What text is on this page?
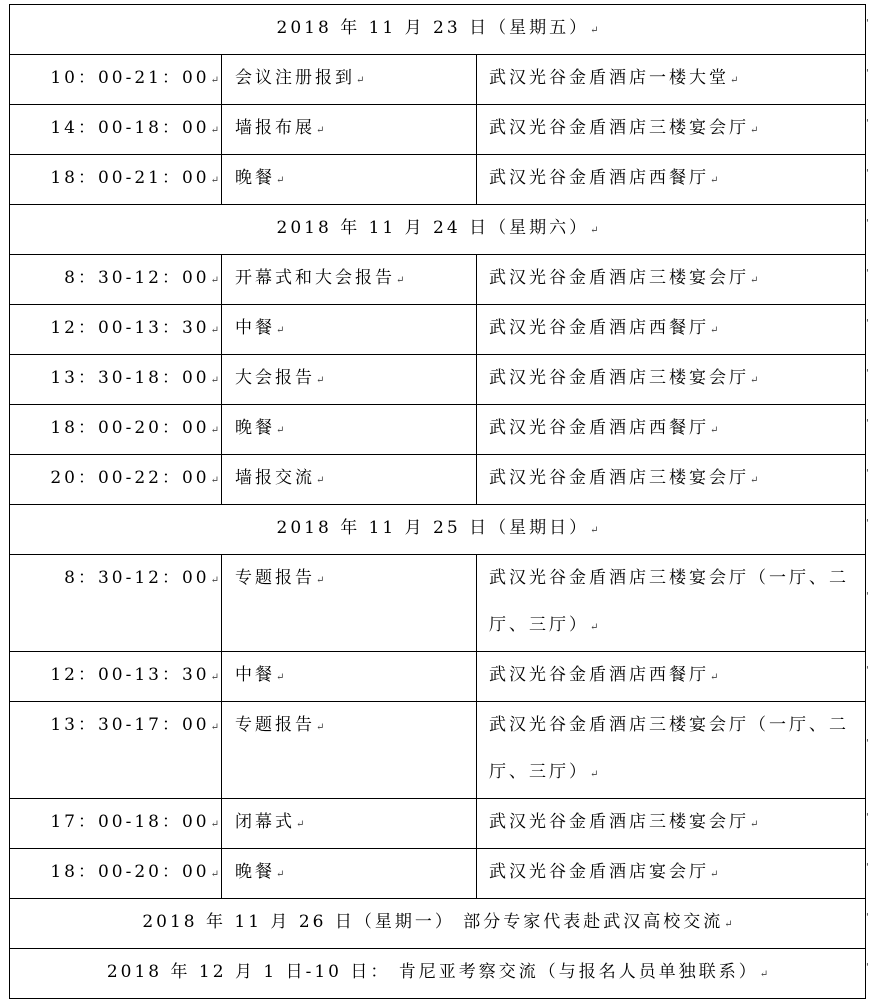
2018 年 11 月 23 日（星期五）↵		

10：00-21：00↵	会议注册报到↵	武汉光谷金盾酒店一楼大堂↵

14：00-18：00↵	墙报布展↵	武汉光谷金盾酒店三楼宴会厅↵

18：00-21：00↵	晚餐↵	武汉光谷金盾酒店西餐厅↵

2018 年 11 月 24 日（星期六）↵		

8：30-12：00↵	开幕式和大会报告↵	武汉光谷金盾酒店三楼宴会厅↵

12：00-13：30↵	中餐↵	武汉光谷金盾酒店西餐厅↵

13：30-18：00↵	大会报告↵	武汉光谷金盾酒店三楼宴会厅↵

18：00-20：00↵	晚餐↵	武汉光谷金盾酒店西餐厅↵

20：00-22：00↵	墙报交流↵	武汉光谷金盾酒店三楼宴会厅↵

2018 年 11 月 25 日（星期日）↵		

8：30-12：00↵	专题报告↵	武汉光谷金盾酒店三楼宴会厅（一厅、二厅、三厅）↵

12：00-13：30↵	中餐↵	武汉光谷金盾酒店西餐厅↵

13：30-17：00↵	专题报告↵	武汉光谷金盾酒店三楼宴会厅（一厅、二厅、三厅）↵

17：00-18：00↵	闭幕式↵	武汉光谷金盾酒店三楼宴会厅↵

18：00-20：00↵	晚餐↵	武汉光谷金盾酒店宴会厅↵

2018 年 11 月 26 日（星期一） 部分专家代表赴武汉高校交流↵		

2018 年 12 月 1 日-10 日： 肯尼亚考察交流（与报名人员单独联系）↵		
'
'
'
'
'
'
'
'
'
'
'
'
'
'
'
'
'
'
